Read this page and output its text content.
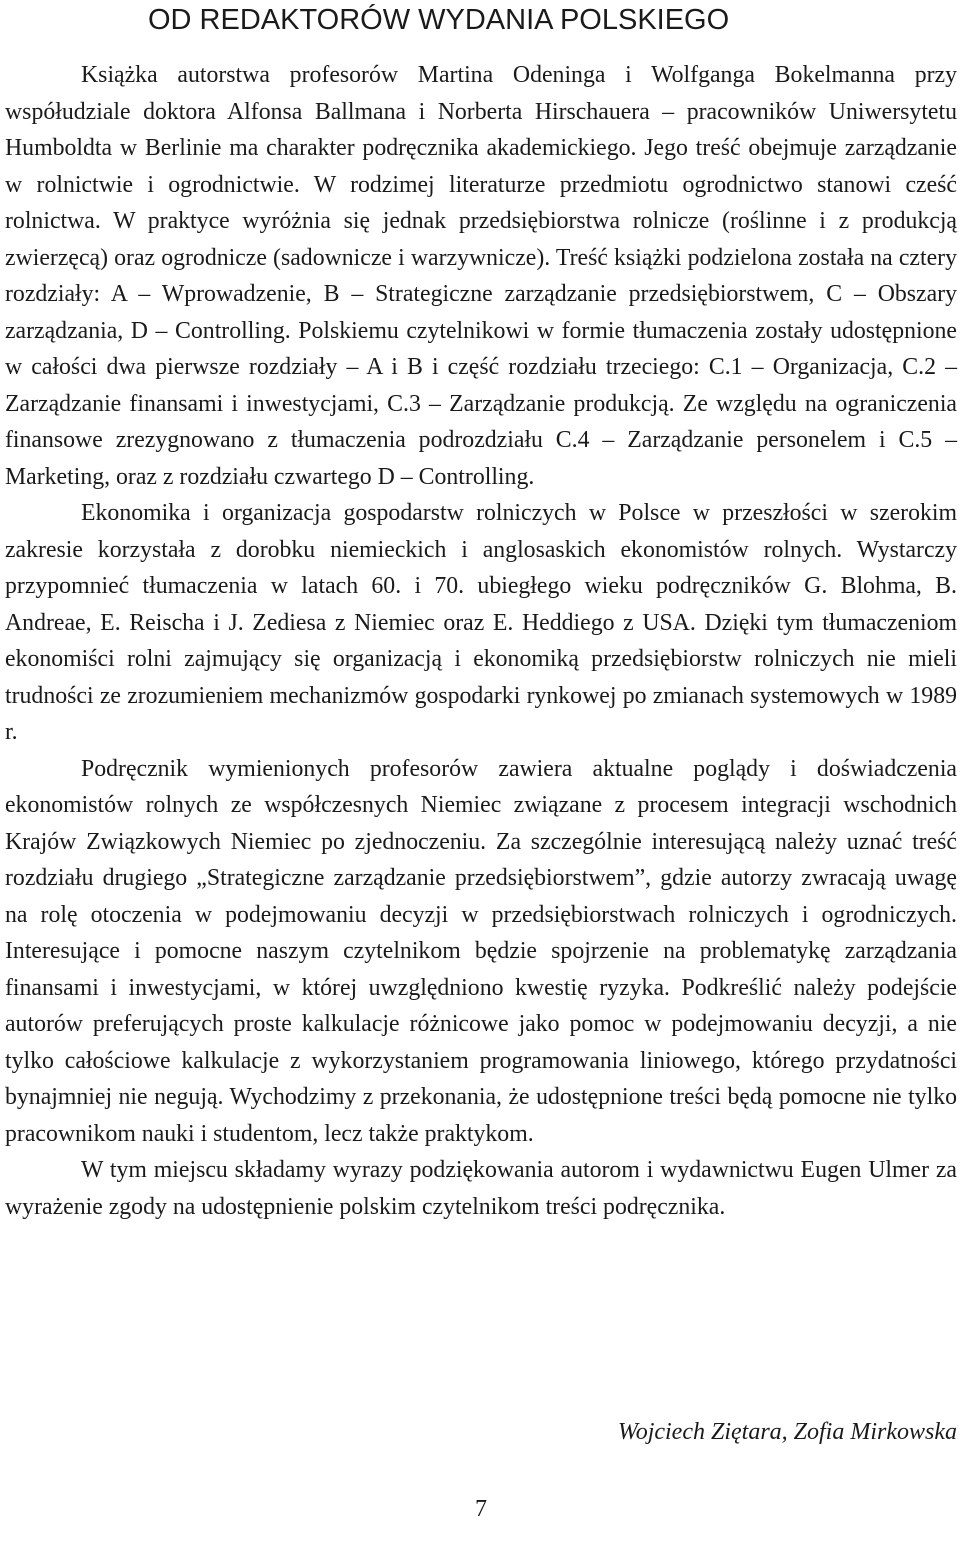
OD REDAKTORÓW WYDANIA POLSKIEGO

Książka autorstwa profesorów Martina Odeninga i Wolfganga Bokelmanna przy współudziale doktora Alfonsa Ballmana i Norberta Hirschauera – pracowników Uniwersytetu Humboldta w Berlinie ma charakter podręcznika akademickiego. Jego treść obejmuje zarządzanie w rolnictwie i ogrodnictwie. W rodzimej literaturze przedmiotu ogrodnictwo stanowi cześć rolnictwa. W praktyce wyróżnia się jednak przedsiębiorstwa rolnicze (roślinne i z produkcją zwierzęcą) oraz ogrodnicze (sadownicze i warzywnicze). Treść książki podzielona została na cztery rozdziały: A – Wprowadzenie, B – Strategiczne zarządzanie przedsiębiorstwem, C – Obszary zarządzania, D – Controlling. Polskiemu czytelnikowi w formie tłumaczenia zostały udostępnione w całości dwa pierwsze rozdziały – A i B i część rozdziału trzeciego: C.1 – Organizacja, C.2 – Zarządzanie finansami i inwestycjami, C.3 – Zarządzanie produkcją. Ze względu na ograniczenia finansowe zrezygnowano z tłumaczenia podrozdziału C.4 – Zarządzanie personelem i C.5 – Marketing, oraz z rozdziału czwartego D – Controlling.

Ekonomika i organizacja gospodarstw rolniczych w Polsce w przeszłości w szerokim zakresie korzystała z dorobku niemieckich i anglosaskich ekonomistów rolnych. Wystarczy przypomnieć tłumaczenia w latach 60. i 70. ubiegłego wieku podręczników G. Blohma, B. Andreae, E. Reischa i J. Zediesa z Niemiec oraz E. Heddiego z USA. Dzięki tym tłumaczeniom ekonomiści rolni zajmujący się organizacją i ekonomiką przedsiębiorstw rolniczych nie mieli trudności ze zrozumieniem mechanizmów gospodarki rynkowej po zmianach systemowych w 1989 r.

Podręcznik wymienionych profesorów zawiera aktualne poglądy i doświadczenia ekonomistów rolnych ze współczesnych Niemiec związane z procesem integracji wschodnich Krajów Związkowych Niemiec po zjednoczeniu. Za szczególnie interesującą należy uznać treść rozdziału drugiego „Strategiczne zarządzanie przedsiębiorstwem”, gdzie autorzy zwracają uwagę na rolę otoczenia w podejmowaniu decyzji w przedsiębiorstwach rolniczych i ogrodniczych. Interesujące i pomocne naszym czytelnikom będzie spojrzenie na problematykę zarządzania finansami i inwestycjami, w której uwzględniono kwestię ryzyka. Podkreślić należy podejście autorów preferujących proste kalkulacje różnicowe jako pomoc w podejmowaniu decyzji, a nie tylko całościowe kalkulacje z wykorzystaniem programowania liniowego, którego przydatności bynajmniej nie negują. Wychodzimy z przekonania, że udostępnione treści będą pomocne nie tylko pracownikom nauki i studentom, lecz także praktykom.

W tym miejscu składamy wyrazy podziękowania autorom i wydawnictwu Eugen Ulmer za wyrażenie zgody na udostępnienie polskim czytelnikom treści podręcznika.

Wojciech Ziętara, Zofia Mirkowska
7
